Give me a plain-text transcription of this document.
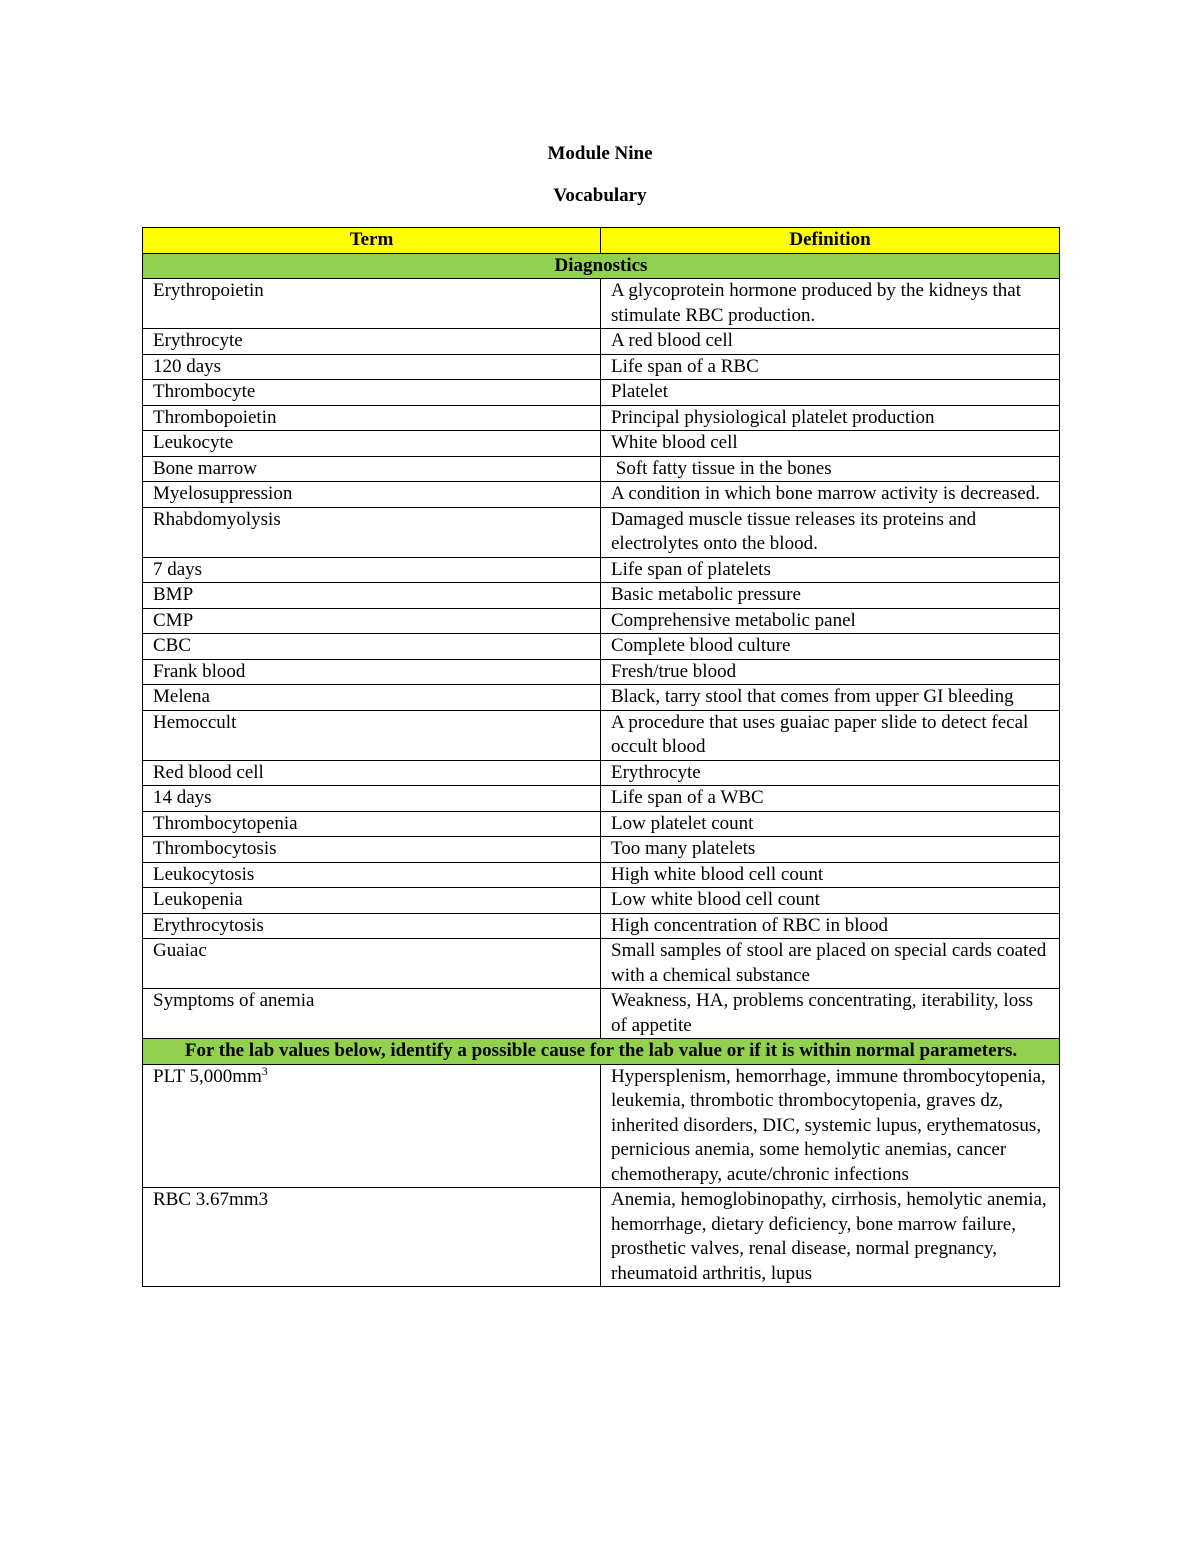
Module Nine
Vocabulary
Term	Definition
Diagnostics	
Erythropoietin	A glycoprotein hormone produced by the kidneys that stimulate RBC production.
Erythrocyte	A red blood cell
120 days	Life span of a RBC
Thrombocyte	Platelet
Thrombopoietin	Principal physiological platelet production
Leukocyte	White blood cell
Bone marrow	Soft fatty tissue in the bones
Myelosuppression	A condition in which bone marrow activity is decreased.
Rhabdomyolysis	Damaged muscle tissue releases its proteins and electrolytes onto the blood.
7 days	Life span of platelets
BMP	Basic metabolic pressure
CMP	Comprehensive metabolic panel
CBC	Complete blood culture
Frank blood	Fresh/true blood
Melena	Black, tarry stool that comes from upper GI bleeding
Hemoccult	A procedure that uses guaiac paper slide to detect fecal occult blood
Red blood cell	Erythrocyte
14 days	Life span of a WBC
Thrombocytopenia	Low platelet count
Thrombocytosis	Too many platelets
Leukocytosis	High white blood cell count
Leukopenia	Low white blood cell count
Erythrocytosis	High concentration of RBC in blood
Guaiac	Small samples of stool are placed on special cards coated with a chemical substance
Symptoms of anemia	Weakness, HA, problems concentrating, iterability, loss of appetite
For the lab values below, identify a possible cause for the lab value or if it is within normal parameters.	
PLT $5,000mm^3$	Hypersplenism, hemorrhage, immune thrombocytopenia, leukemia, thrombotic thrombocytopenia, graves dz, inherited disorders, DIC, systemic lupus, erythematosus, pernicious anemia, some hemolytic anemias, cancer chemotherapy, acute/chronic infections
RBC 3.67mm3	Anemia, hemoglobinopathy, cirrhosis, hemolytic anemia, hemorrhage, dietary deficiency, bone marrow failure, prosthetic valves, renal disease, normal pregnancy, rheumatoid arthritis, lupus
